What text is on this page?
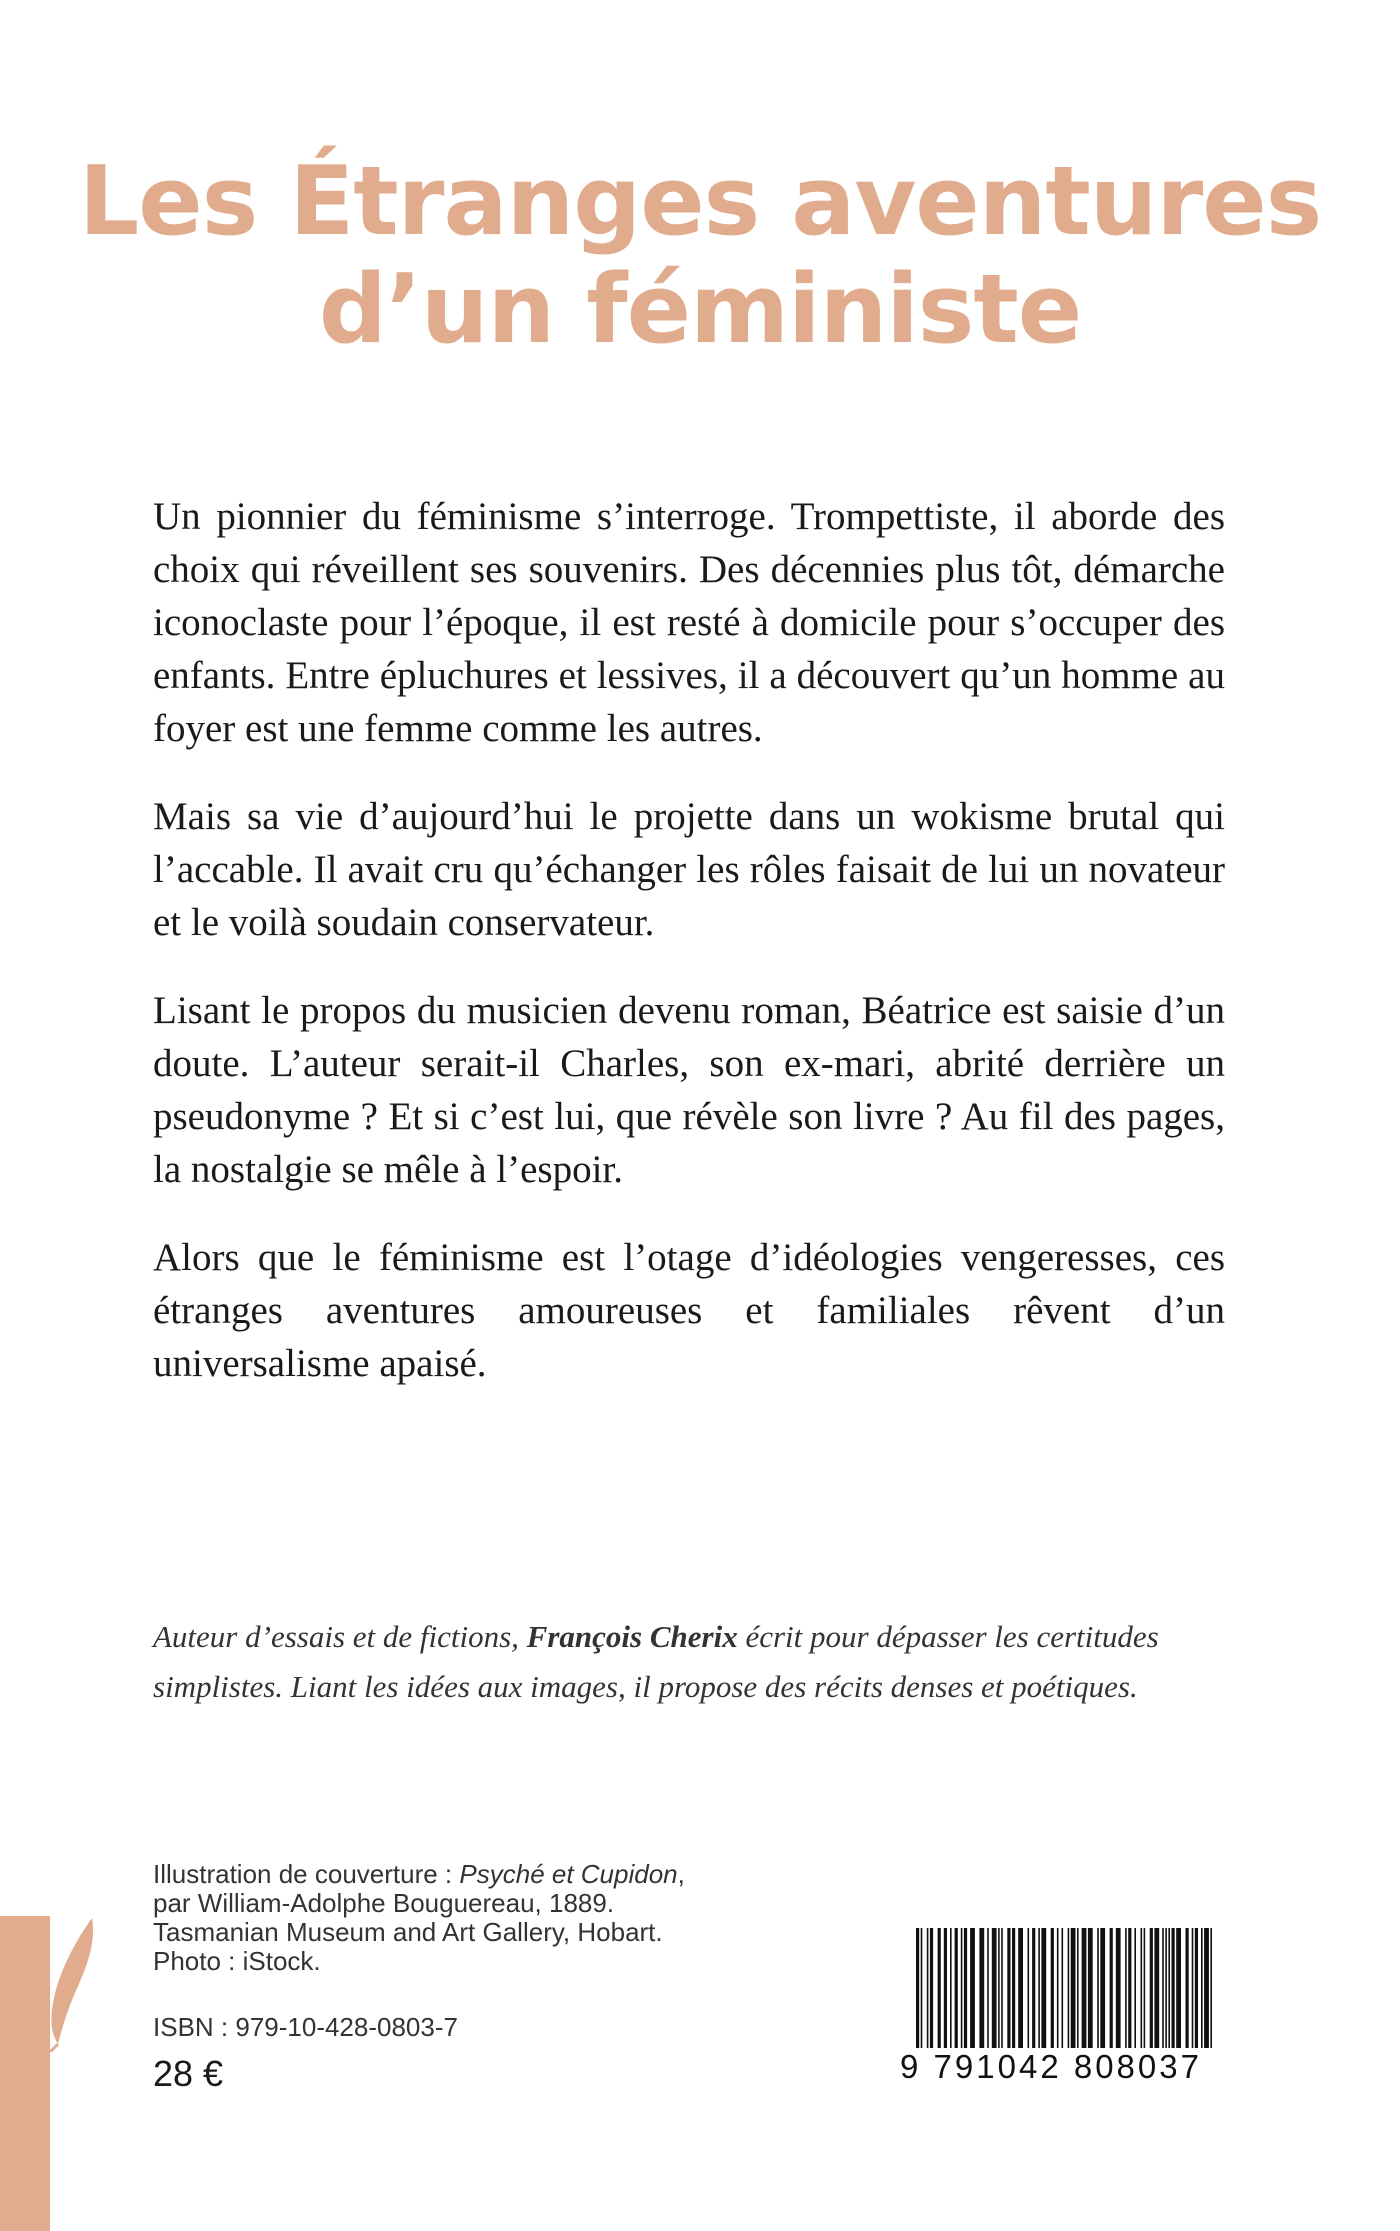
Les Étranges aventures
d’un féministe

Un pionnier du féminisme s’interroge. Trompettiste, il aborde des choix qui réveillent ses souvenirs. Des décennies plus tôt, démarche iconoclaste pour l’époque, il est resté à domicile pour s’occuper des enfants. Entre épluchures et lessives, il a découvert qu’un homme au foyer est une femme comme les autres.

Mais sa vie d’aujourd’hui le projette dans un wokisme brutal qui l’accable. Il avait cru qu’échanger les rôles faisait de lui un novateur et le voilà soudain conservateur.

Lisant le propos du musicien devenu roman, Béatrice est saisie d’un doute. L’auteur serait-il Charles, son ex-mari, abrité derrière un pseudonyme ? Et si c’est lui, que révèle son livre ? Au fil des pages, la nostalgie se mêle à l’espoir.

Alors que le féminisme est l’otage d’idéologies vengeresses, ces étranges aventures amoureuses et familiales rêvent d’un universalisme apaisé.

Auteur d’essais et de fictions, François Cherix écrit pour dépasser les certitudes simplistes. Liant les idées aux images, il propose des récits denses et poétiques.
Illustration de couverture : Psyché et Cupidon,
par William-Adolphe Bouguereau, 1889.
Tasmanian Museum and Art Gallery, Hobart.
Photo : iStock.
ISBN : 979-10-428-0803-7
28 €	9 791042 808037
